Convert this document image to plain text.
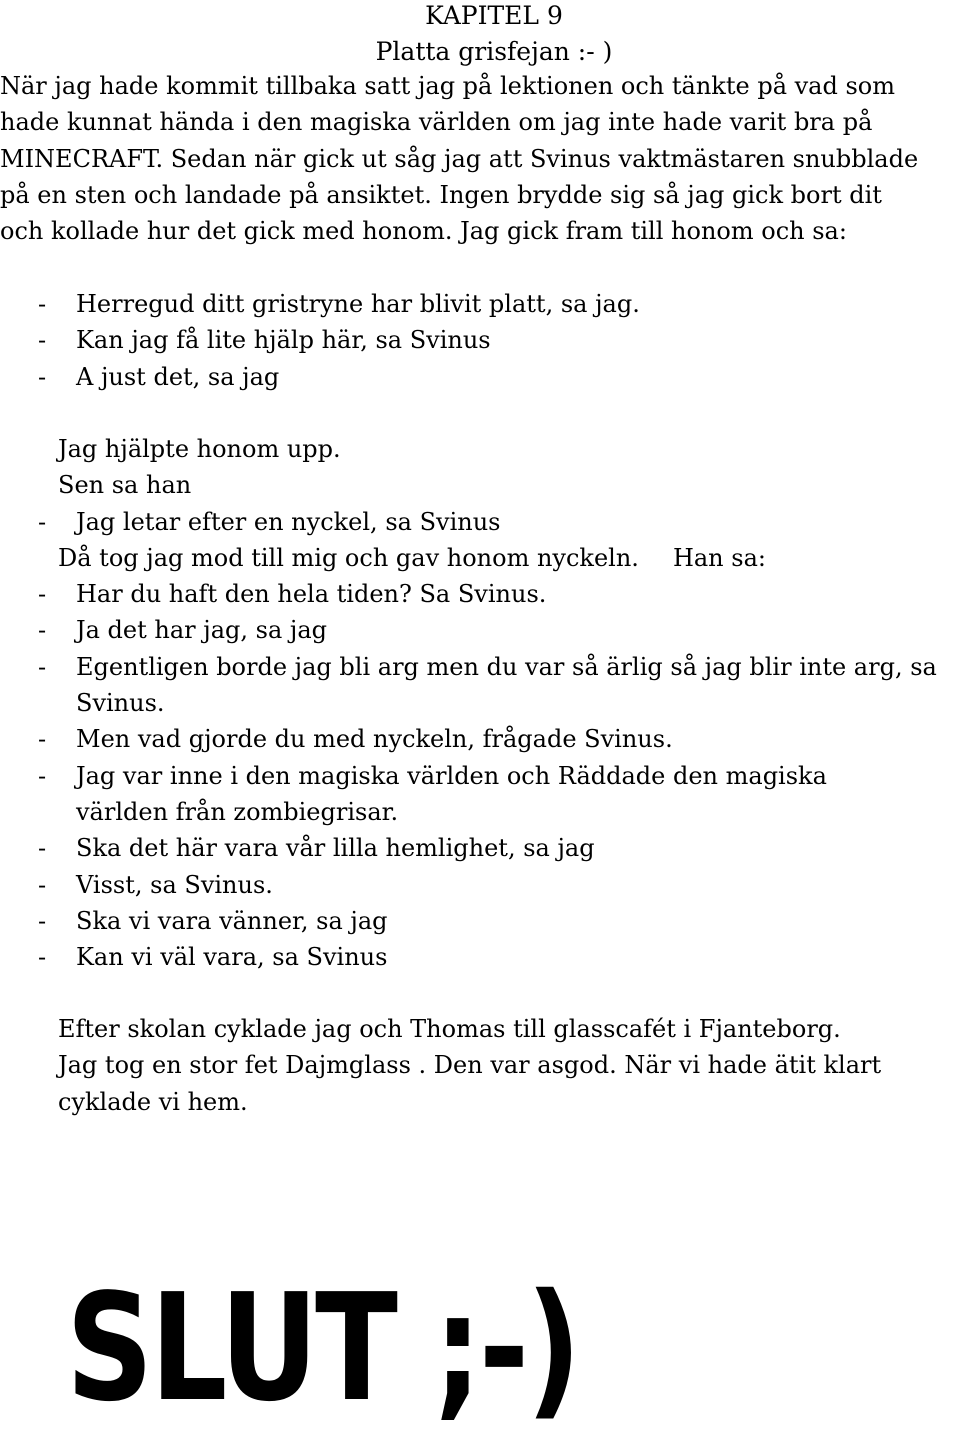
KAPITEL 9

Platta grisfejan :- )

När jag hade kommit tillbaka satt jag på lektionen och tänkte på vad som

hade kunnat hända i den magiska världen om jag inte hade varit bra på

MINECRAFT. Sedan när gick ut såg jag att Svinus vaktmästaren snubblade

på en sten och landade på ansiktet. Ingen brydde sig så jag gick bort dit

och kollade hur det gick med honom. Jag gick fram till honom och sa:

- Herregud ditt gristryne har blivit platt, sa jag.
- Kan jag få lite hjälp här, sa Svinus
- A just det, sa jag
Jag hjälpte honom upp.
Sen sa han
- Jag letar efter en nyckel, sa Svinus
Då tog jag mod till mig och gav honom nyckeln. Han sa:
- Har du haft den hela tiden? Sa Svinus.
- Ja det har jag, sa jag
- Egentligen borde jag bli arg men du var så ärlig så jag blir inte arg, sa
Svinus.
- Men vad gjorde du med nyckeln, frågade Svinus.
- Jag var inne i den magiska världen och Räddade den magiska
världen från zombiegrisar.
- Ska det här vara vår lilla hemlighet, sa jag
- Visst, sa Svinus.
- Ska vi vara vänner, sa jag
- Kan vi väl vara, sa Svinus
Efter skolan cyklade jag och Thomas till glasscafét i Fjanteborg.
Jag tog en stor fet Dajmglass . Den var asgod. När vi hade ätit klart
cyklade vi hem.
SLUT ;-)
